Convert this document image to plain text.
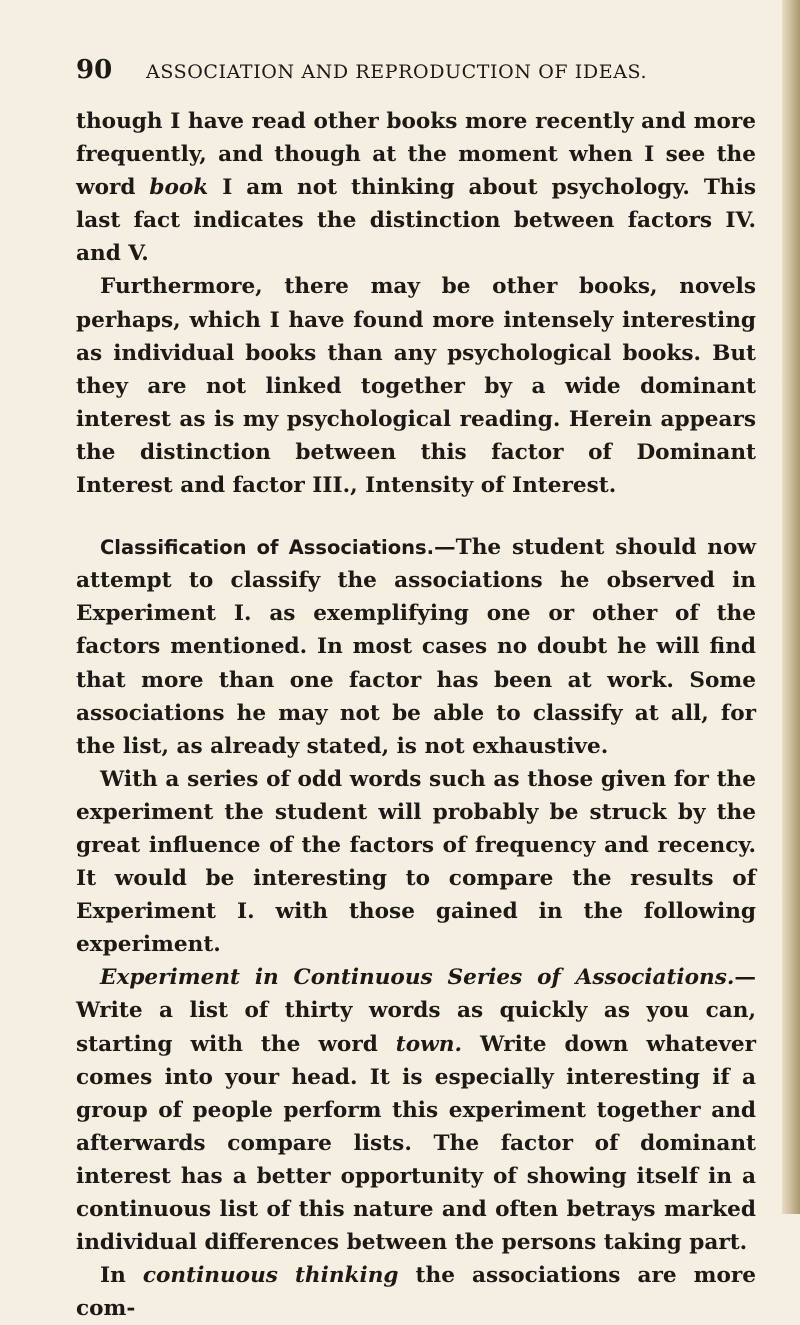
90 ASSOCIATION AND REPRODUCTION OF IDEAS.

though I have read other books more recently and more frequently, and though at the moment when I see the word book I am not thinking about psychology. This last fact indicates the distinction between factors IV. and V.

Furthermore, there may be other books, novels perhaps, which I have found more intensely interesting as individual books than any psychological books. But they are not linked together by a wide dominant interest as is my psychological reading. Herein appears the distinction between this factor of Dominant Interest and factor III., Intensity of Interest.

Classification of Associations.—The student should now attempt to classify the associations he observed in Experiment I. as exemplifying one or other of the factors mentioned. In most cases no doubt he will find that more than one factor has been at work. Some associations he may not be able to classify at all, for the list, as already stated, is not exhaustive.

With a series of odd words such as those given for the experiment the student will probably be struck by the great influence of the factors of frequency and recency. It would be interesting to compare the results of Experiment I. with those gained in the following experiment.

Experiment in Continuous Series of Associations.—Write a list of thirty words as quickly as you can, starting with the word town. Write down whatever comes into your head. It is especially interesting if a group of people perform this experiment together and afterwards compare lists. The factor of dominant interest has a better opportunity of showing itself in a continuous list of this nature and often betrays marked individual differences between the persons taking part.

In continuous thinking the associations are more com-
